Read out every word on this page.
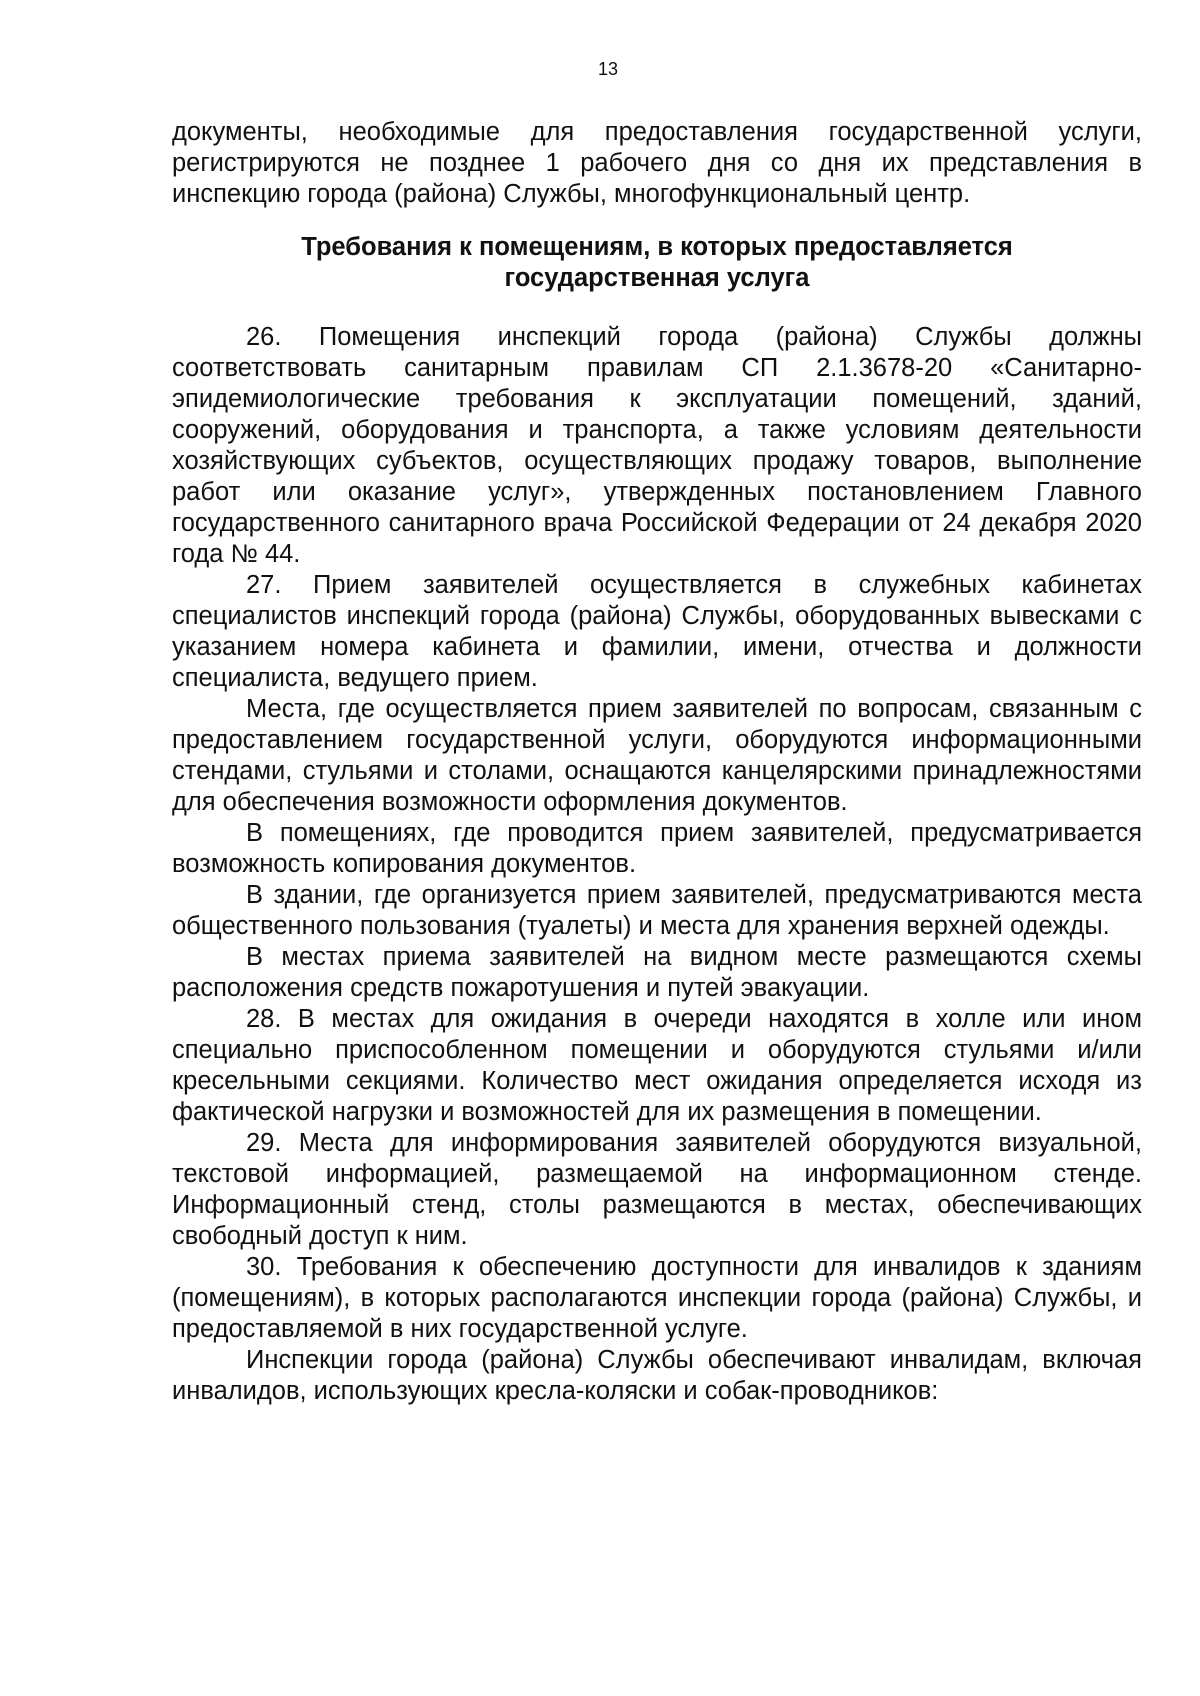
13

документы, необходимые для предоставления государственной услуги, регистрируются не позднее 1 рабочего дня со дня их представления в инспекцию города (района) Службы, многофункциональный центр.

Требования к помещениям, в которых предоставляется
государственная услуга

26. Помещения инспекций города (района) Службы должны соответствовать санитарным правилам СП 2.1.3678-20 «Санитарно-эпидемиологические требования к эксплуатации помещений, зданий, сооружений, оборудования и транспорта, а также условиям деятельности хозяйствующих субъектов, осуществляющих продажу товаров, выполнение работ или оказание услуг», утвержденных постановлением Главного государственного санитарного врача Российской Федерации от 24 декабря 2020 года № 44.

27. Прием заявителей осуществляется в служебных кабинетах специалистов инспекций города (района) Службы, оборудованных вывесками с указанием номера кабинета и фамилии, имени, отчества и должности специалиста, ведущего прием.

Места, где осуществляется прием заявителей по вопросам, связанным с предоставлением государственной услуги, оборудуются информационными стендами, стульями и столами, оснащаются канцелярскими принадлежностями для обеспечения возможности оформления документов.

В помещениях, где проводится прием заявителей, предусматривается возможность копирования документов.

В здании, где организуется прием заявителей, предусматриваются места общественного пользования (туалеты) и места для хранения верхней одежды.

В местах приема заявителей на видном месте размещаются схемы расположения средств пожаротушения и путей эвакуации.

28. В местах для ожидания в очереди находятся в холле или ином специально приспособленном помещении и оборудуются стульями и/или кресельными секциями. Количество мест ожидания определяется исходя из фактической нагрузки и возможностей для их размещения в помещении.

29. Места для информирования заявителей оборудуются визуальной, текстовой информацией, размещаемой на информационном стенде. Информационный стенд, столы размещаются в местах, обеспечивающих свободный доступ к ним.

30. Требования к обеспечению доступности для инвалидов к зданиям (помещениям), в которых располагаются инспекции города (района) Службы, и предоставляемой в них государственной услуге.

Инспекции города (района) Службы обеспечивают инвалидам, включая инвалидов, использующих кресла-коляски и собак-проводников:
